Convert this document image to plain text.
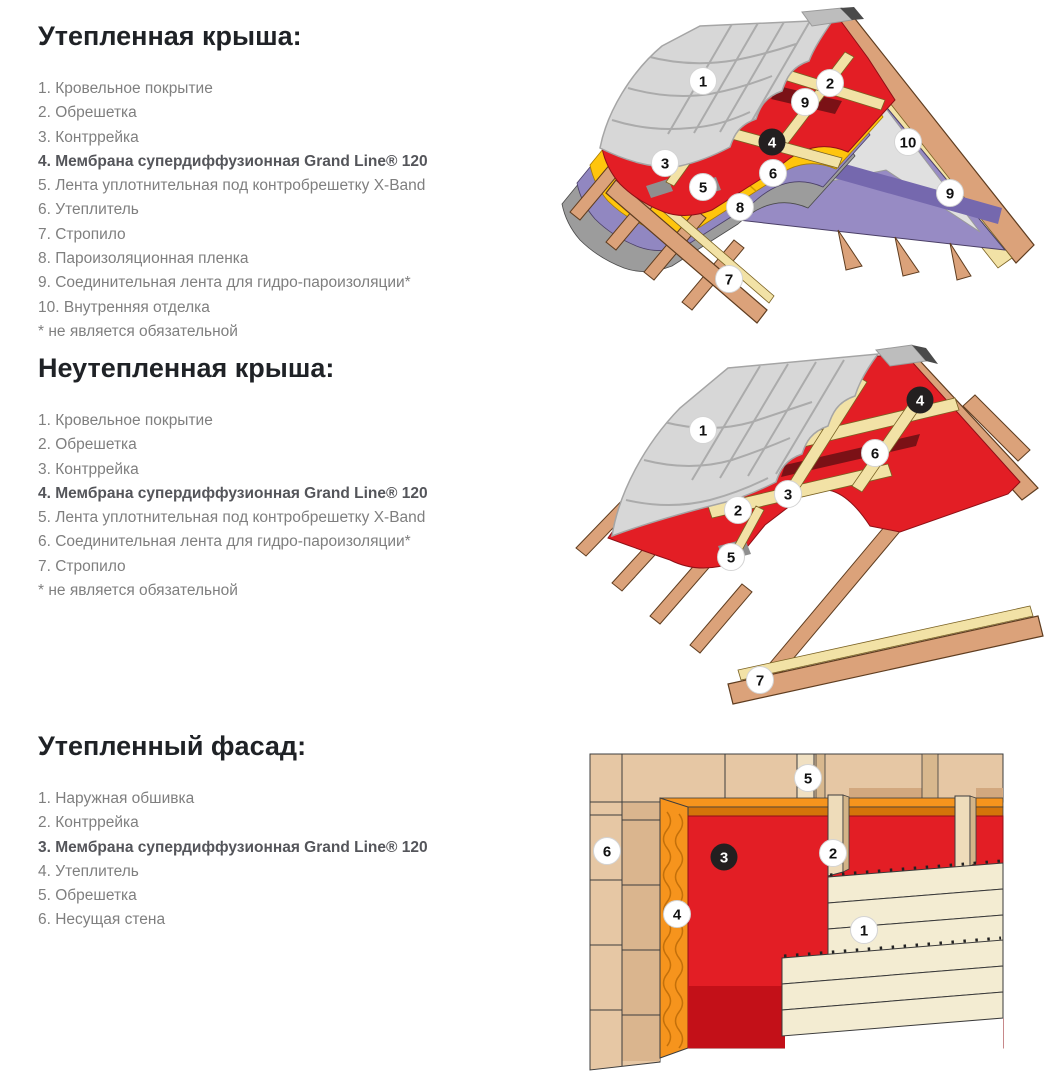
Утепленная крыша:
1. Кровельное покрытие
2. Обрешетка
3. Контррейка
4. Мембрана супердиффузионная Grand Line® 120
5. Лента уплотнительная под контробрешетку X-Band
6. Утеплитель
7. Стропило
8. Пароизоляционная пленка
9. Соединительная лента для гидро-пароизоляции*
10. Внутренняя отделка
* не является обязательной
Неутепленная крыша:
1. Кровельное покрытие
2. Обрешетка
3. Контррейка
4. Мембрана супердиффузионная Grand Line® 120
5. Лента уплотнительная под контробрешетку X-Band
6. Соединительная лента для гидро-пароизоляции*
7. Стропило
* не является обязательной
Утепленный фасад:
1. Наружная обшивка
2. Контррейка
3. Мембрана супердиффузионная Grand Line® 120
4. Утеплитель
5. Обрешетка
6. Несущая стена
1	2
9
4
3
6
5
8
7
10
9
4
1
6
3
2
5
7
5
6	3	2
4
1
